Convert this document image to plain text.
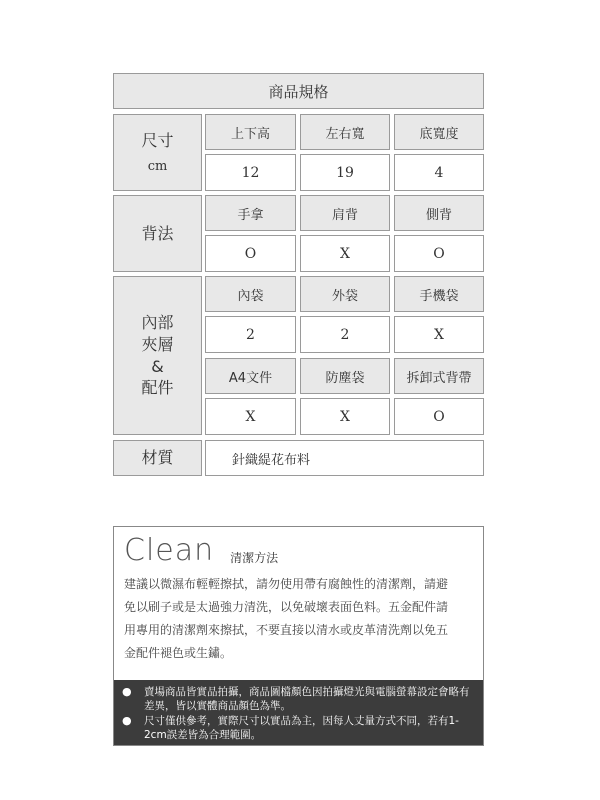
商品規格
尺寸
cm
上下高	左右寬	底寬度
12	19	4
背法
手拿	肩背	側背
O	X	O
內部
夾層
&
配件
內袋	外袋	手機袋
2	2	X
A4文件	防塵袋	拆卸式背帶
X	X	O
材質	針織緹花布料
Clean 清潔方法
建議以微濕布輕輕擦拭，請勿使用帶有腐蝕性的清潔劑，請避
免以刷子或是太過強力清洗，以免破壞表面色料。五金配件請
用專用的清潔劑來擦拭，不要直接以清水或皮革清洗劑以免五
金配件褪色或生鏽。
●	賣場商品皆實品拍攝，商品圖檔顏色因拍攝燈光與電腦螢幕設定會略有差異，皆以實體商品顏色為準。
●	尺寸僅供參考，實際尺寸以實品為主，因每人丈量方式不同，若有1-2cm誤差皆為合理範圍。
